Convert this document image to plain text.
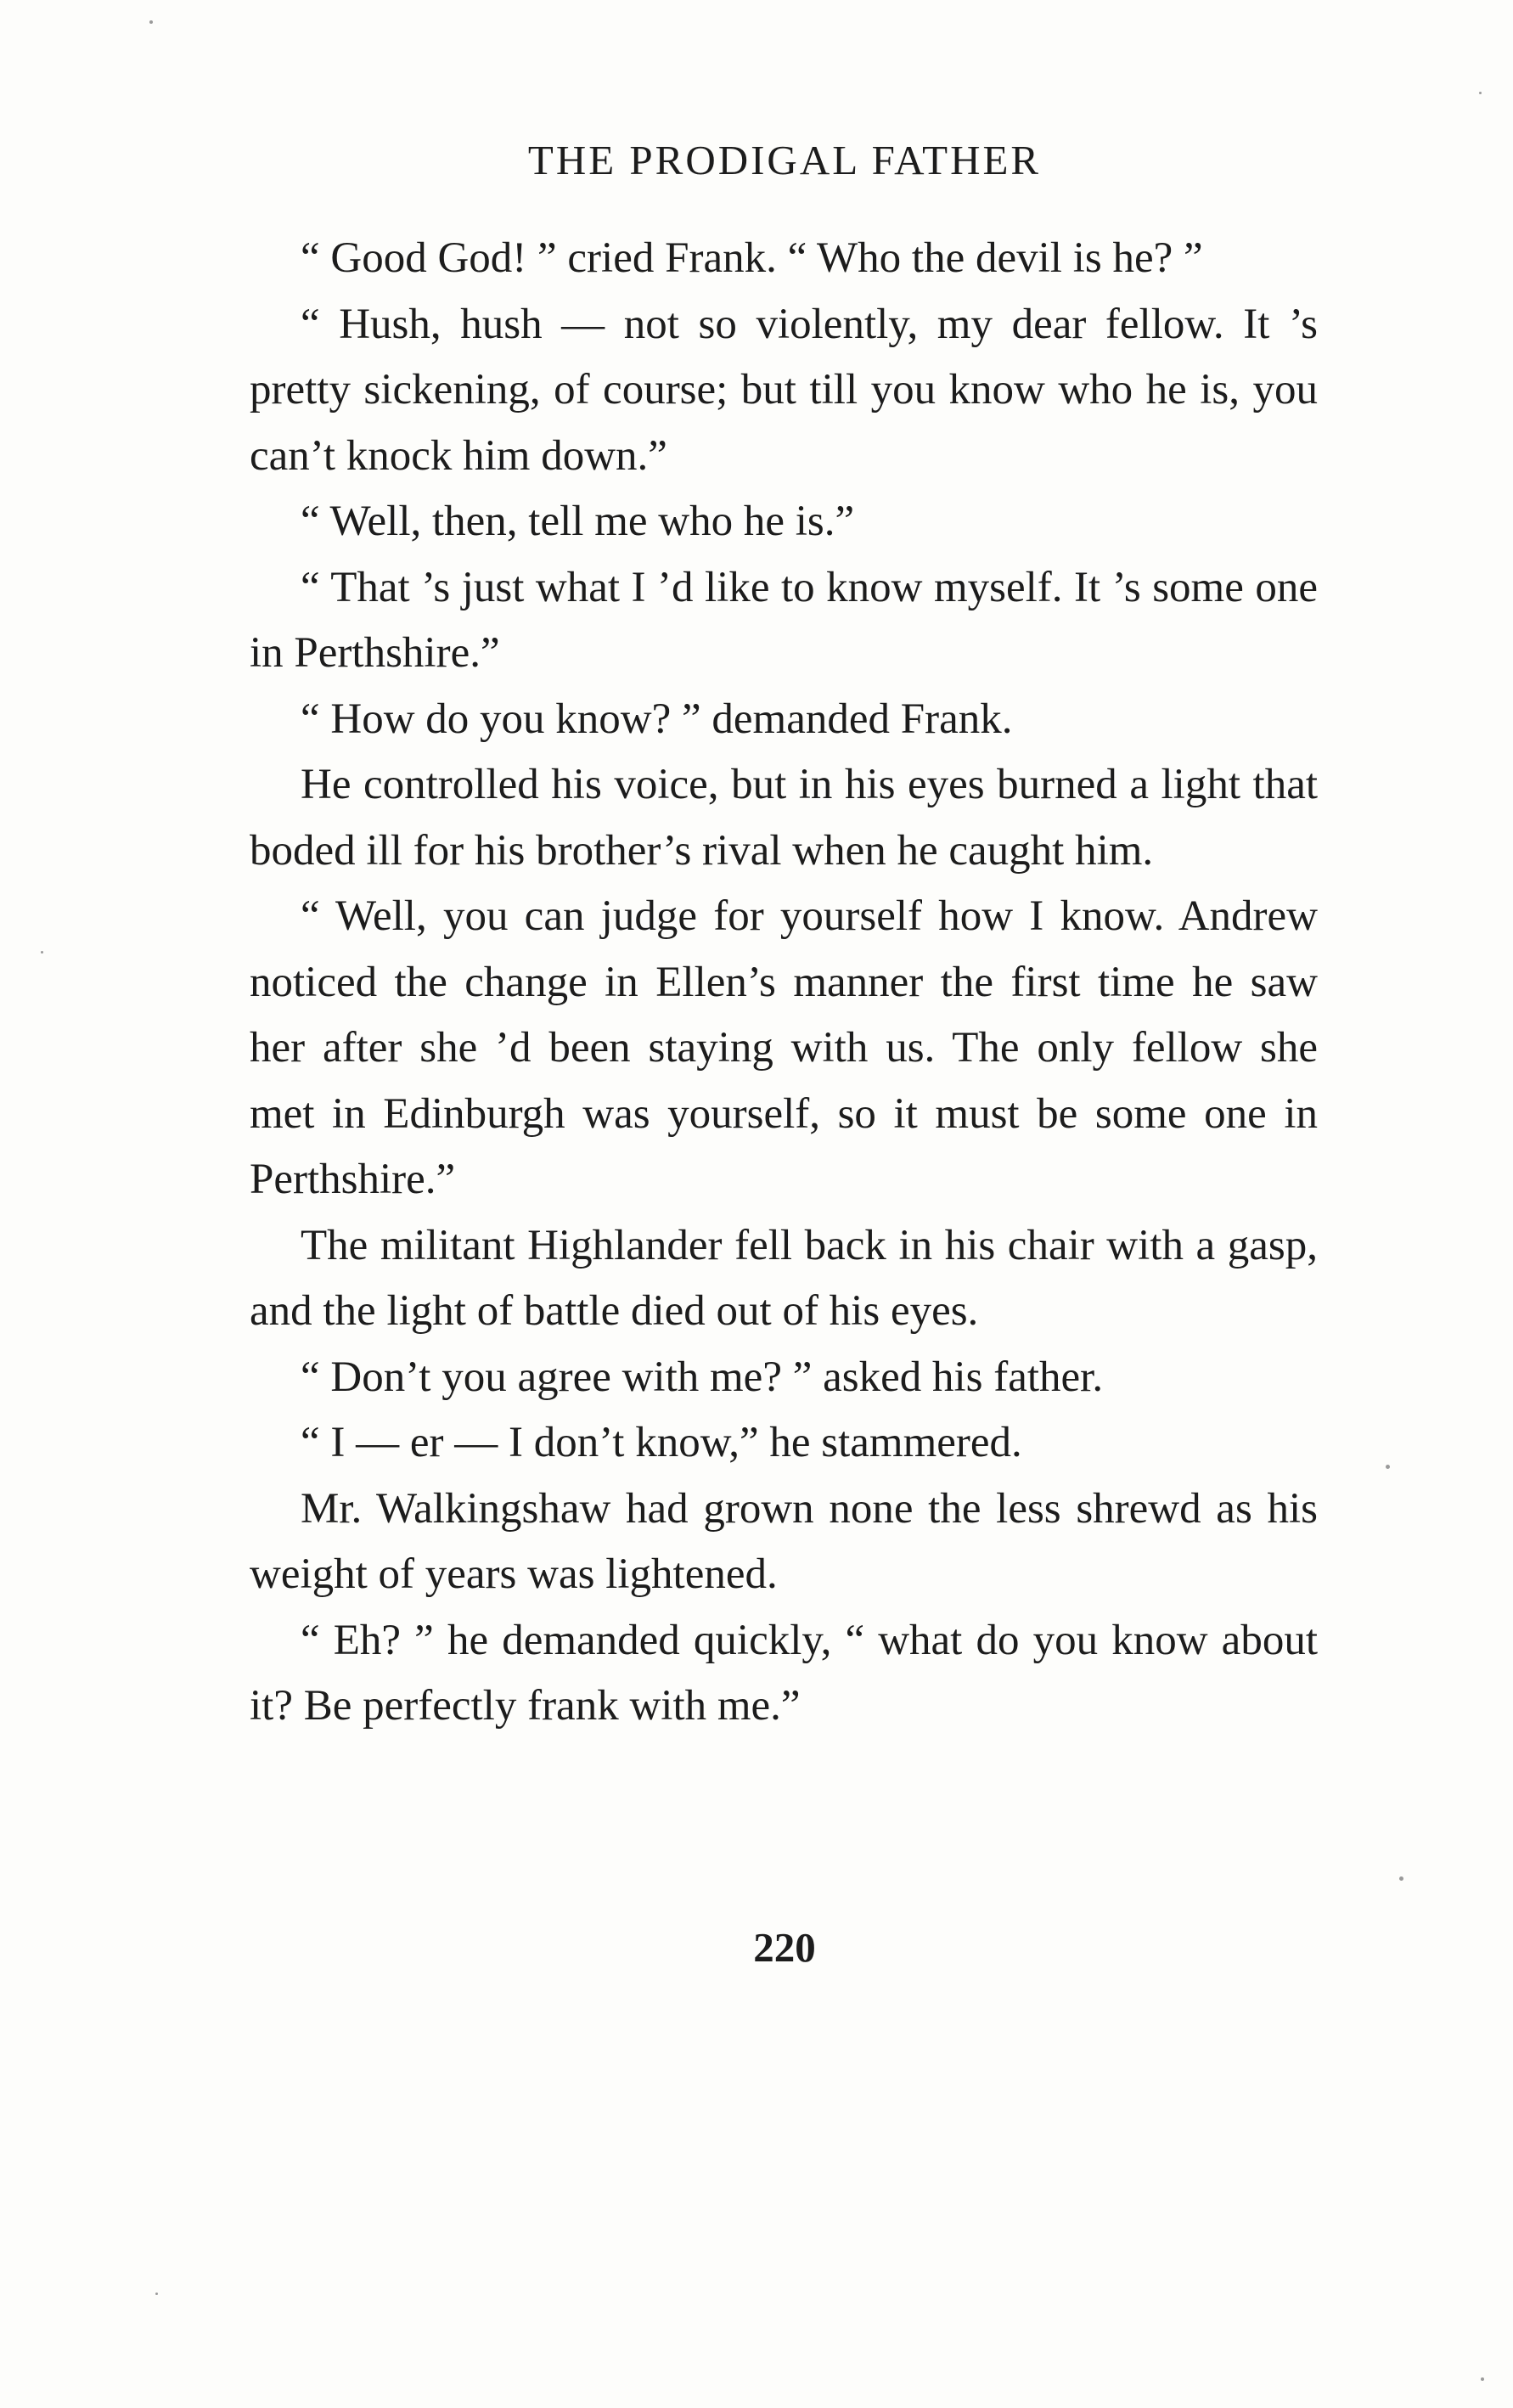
THE PRODIGAL FATHER

“ Good God! ” cried Frank. “ Who the devil is he? ”

“ Hush, hush — not so violently, my dear fellow. It ’s pretty sickening, of course; but till you know who he is, you can’t knock him down.”

“ Well, then, tell me who he is.”

“ That ’s just what I ’d like to know myself. It ’s some one in Perthshire.”

“ How do you know? ” demanded Frank.

He controlled his voice, but in his eyes burned a light that boded ill for his brother’s rival when he caught him.

“ Well, you can judge for yourself how I know. Andrew noticed the change in Ellen’s manner the first time he saw her after she ’d been staying with us. The only fellow she met in Edinburgh was yourself, so it must be some one in Perthshire.”

The militant Highlander fell back in his chair with a gasp, and the light of battle died out of his eyes.

“ Don’t you agree with me? ” asked his father.

“ I — er — I don’t know,” he stammered.

Mr. Walkingshaw had grown none the less shrewd as his weight of years was lightened.

“ Eh? ” he demanded quickly, “ what do you know about it? Be perfectly frank with me.”

220
